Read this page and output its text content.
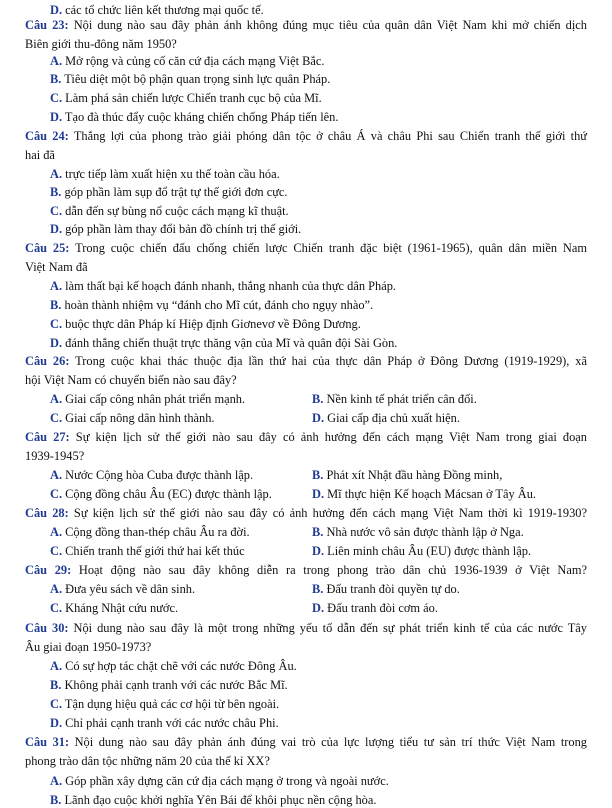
D. các tổ chức liên kết thương mại quốc tế.
Câu 23: Nội dung nào sau đây phản ánh không đúng mục tiêu của quân dân Việt Nam khi mở chiến dịch
Biên giới thu-đông năm 1950?
A. Mở rộng và củng cố căn cứ địa cách mạng Việt Bắc.
B. Tiêu diệt một bộ phận quan trọng sinh lực quân Pháp.
C. Làm phá sản chiến lược Chiến tranh cục bộ của Mĩ.
D. Tạo đà thúc đẩy cuộc kháng chiến chống Pháp tiến lên.
Câu 24: Thắng lợi của phong trào giải phóng dân tộc ở châu Á và châu Phi sau Chiến tranh thế giới thứ
hai đã
A. trực tiếp làm xuất hiện xu thế toàn cầu hóa.
B. góp phần làm sụp đổ trật tự thế giới đơn cực.
C. dẫn đến sự bùng nổ cuộc cách mạng kĩ thuật.
D. góp phần làm thay đổi bản đồ chính trị thế giới.
Câu 25: Trong cuộc chiến đấu chống chiến lược Chiến tranh đặc biệt (1961-1965), quân dân miền Nam
Việt Nam đã
A. làm thất bại kế hoạch đánh nhanh, thắng nhanh của thực dân Pháp.
B. hoàn thành nhiệm vụ “đánh cho Mĩ cút, đánh cho ngụy nhào”.
C. buộc thực dân Pháp kí Hiệp định Giơnevơ về Đông Dương.
D. đánh thắng chiến thuật trực thăng vận của Mĩ và quân đội Sài Gòn.
Câu 26: Trong cuộc khai thác thuộc địa lần thứ hai của thực dân Pháp ở Đông Dương (1919-1929), xã
hội Việt Nam có chuyển biến nào sau đây?
A. Giai cấp công nhân phát triển mạnh.	B. Nền kinh tế phát triển cân đối.
C. Giai cấp nông dân hình thành.	D. Giai cấp địa chủ xuất hiện.
Câu 27: Sự kiện lịch sử thế giới nào sau đây có ảnh hưởng đến cách mạng Việt Nam trong giai đoạn
1939-1945?
A. Nước Cộng hòa Cuba được thành lập.	B. Phát xít Nhật đầu hàng Đồng minh,
C. Cộng đồng châu Âu (EC) được thành lập.	D. Mĩ thực hiện Kế hoạch Mácsan ở Tây Âu.
Câu 28: Sự kiện lịch sử thế giới nào sau đây có ảnh hưởng đến cách mạng Việt Nam thời kì 1919-1930?
A. Cộng đồng than-thép châu Âu ra đời.	B. Nhà nước vô sản được thành lập ở Nga.
C. Chiến tranh thế giới thứ hai kết thúc	D. Liên minh châu Âu (EU) được thành lập.
Câu 29: Hoạt động nào sau đây không diễn ra trong phong trào dân chủ 1936-1939 ở Việt Nam?
A. Đưa yêu sách về dân sinh.	B. Đấu tranh đòi quyền tự do.
C. Kháng Nhật cứu nước.	D. Đấu tranh đòi cơm áo.
Câu 30: Nội dung nào sau đây là một trong những yếu tố dẫn đến sự phát triển kinh tế của các nước Tây
Âu giai đoạn 1950-1973?
A. Có sự hợp tác chặt chẽ với các nước Đông Âu.
B. Không phải cạnh tranh với các nước Bắc Mĩ.
C. Tận dụng hiệu quả các cơ hội từ bên ngoài.
D. Chỉ phải cạnh tranh với các nước châu Phi.
Câu 31: Nội dung nào sau đây phản ánh đúng vai trò của lực lượng tiểu tư sản trí thức Việt Nam trong
phong trào dân tộc những năm 20 của thế kỉ XX?
A. Góp phần xây dựng căn cứ địa cách mạng ở trong và ngoài nước.
B. Lãnh đạo cuộc khởi nghĩa Yên Bái để khôi phục nền cộng hòa.
